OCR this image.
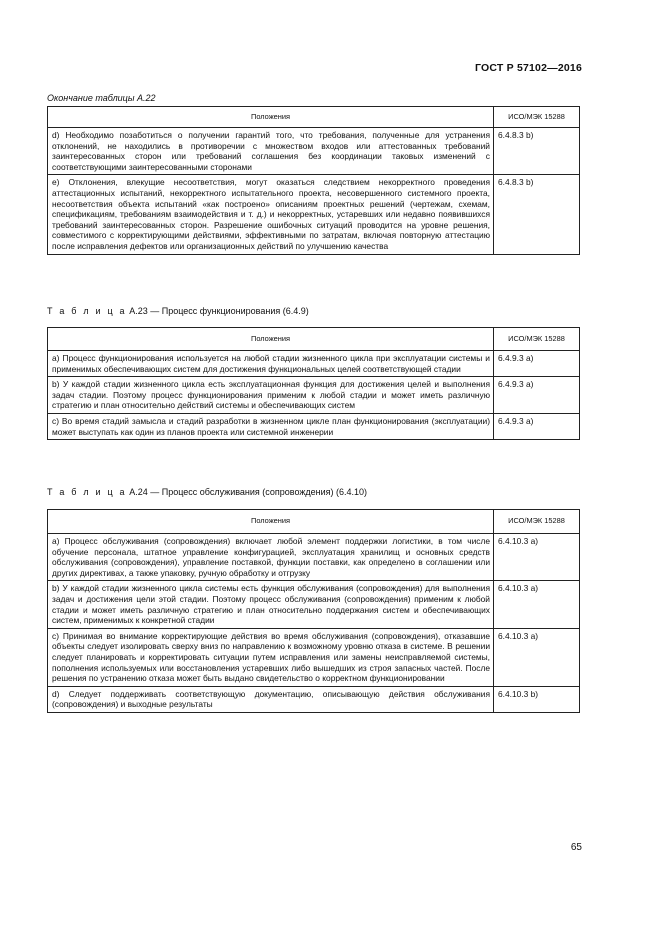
ГОСТ Р 57102—2016
Окончание таблицы А.22
Положения	ИСО/МЭК 15288
d) Необходимо позаботиться о получении гарантий того, что требования, полученные для устранения отклонений, не находились в противоречии с множеством входов или аттестованных требований заинтересованных сторон или требований соглашения без координации таковых изменений с соответствующими заинтересованными сторонами	6.4.8.3 b)
e) Отклонения, влекущие несоответствия, могут оказаться следствием некорректного проведения аттестационных испытаний, некорректного испытательного проекта, несовершенного системного проекта, несоответствия объекта испытаний «как построено» описаниям проектных решений (чертежам, схемам, спецификациям, требованиям взаимодействия и т. д.) и некорректных, устаревших или недавно появившихся требований заинтересованных сторон. Разрешение ошибочных ситуаций проводится на уровне решения, совместимого с корректирующими действиями, эффективными по затратам, включая повторную аттестацию после исправления дефектов или организационных действий по улучшению качества	6.4.8.3 b)
Т а б л и ц а А.23 — Процесс функционирования (6.4.9)
Положения	ИСО/МЭК 15288
a) Процесс функционирования используется на любой стадии жизненного цикла при эксплуатации системы и применимых обеспечивающих систем для достижения функциональных целей соответствующей стадии	6.4.9.3 a)
b) У каждой стадии жизненного цикла есть эксплуатационная функция для достижения целей и выполнения задач стадии. Поэтому процесс функционирования применим к любой стадии и может иметь различную стратегию и план относительно действий системы и обеспечивающих систем	6.4.9.3 a)
c) Во время стадий замысла и стадий разработки в жизненном цикле план функционирования (эксплуатации) может выступать как один из планов проекта или системной инженерии	6.4.9.3 a)
Т а б л и ц а А.24 — Процесс обслуживания (сопровождения) (6.4.10)
Положения	ИСО/МЭК 15288
a) Процесс обслуживания (сопровождения) включает любой элемент поддержки логистики, в том числе обучение персонала, штатное управление конфигурацией, эксплуатация хранилищ и основных средств обслуживания (сопровождения), управление поставкой, функции поставки, как определено в соглашении или других директивах, а также упаковку, ручную обработку и отгрузку	6.4.10.3 a)
b) У каждой стадии жизненного цикла системы есть функция обслуживания (сопровождения) для выполнения задач и достижения цели этой стадии. Поэтому процесс обслуживания (сопровождения) применим к любой стадии и может иметь различную стратегию и план относительно поддержания систем и обеспечивающих систем, применимых к конкретной стадии	6.4.10.3 a)
c) Принимая во внимание корректирующие действия во время обслуживания (сопровождения), отказавшие объекты следует изолировать сверху вниз по направлению к возможному уровню отказа в системе. В решении следует планировать и корректировать ситуации путем исправления или замены неисправляемой системы, пополнения используемых или восстановления устаревших либо вышедших из строя запасных частей. После решения по устранению отказа может быть выдано свидетельство о корректном функционировании	6.4.10.3 a)
d) Следует поддерживать соответствующую документацию, описывающую действия обслуживания (сопровождения) и выходные результаты	6.4.10.3 b)
65
